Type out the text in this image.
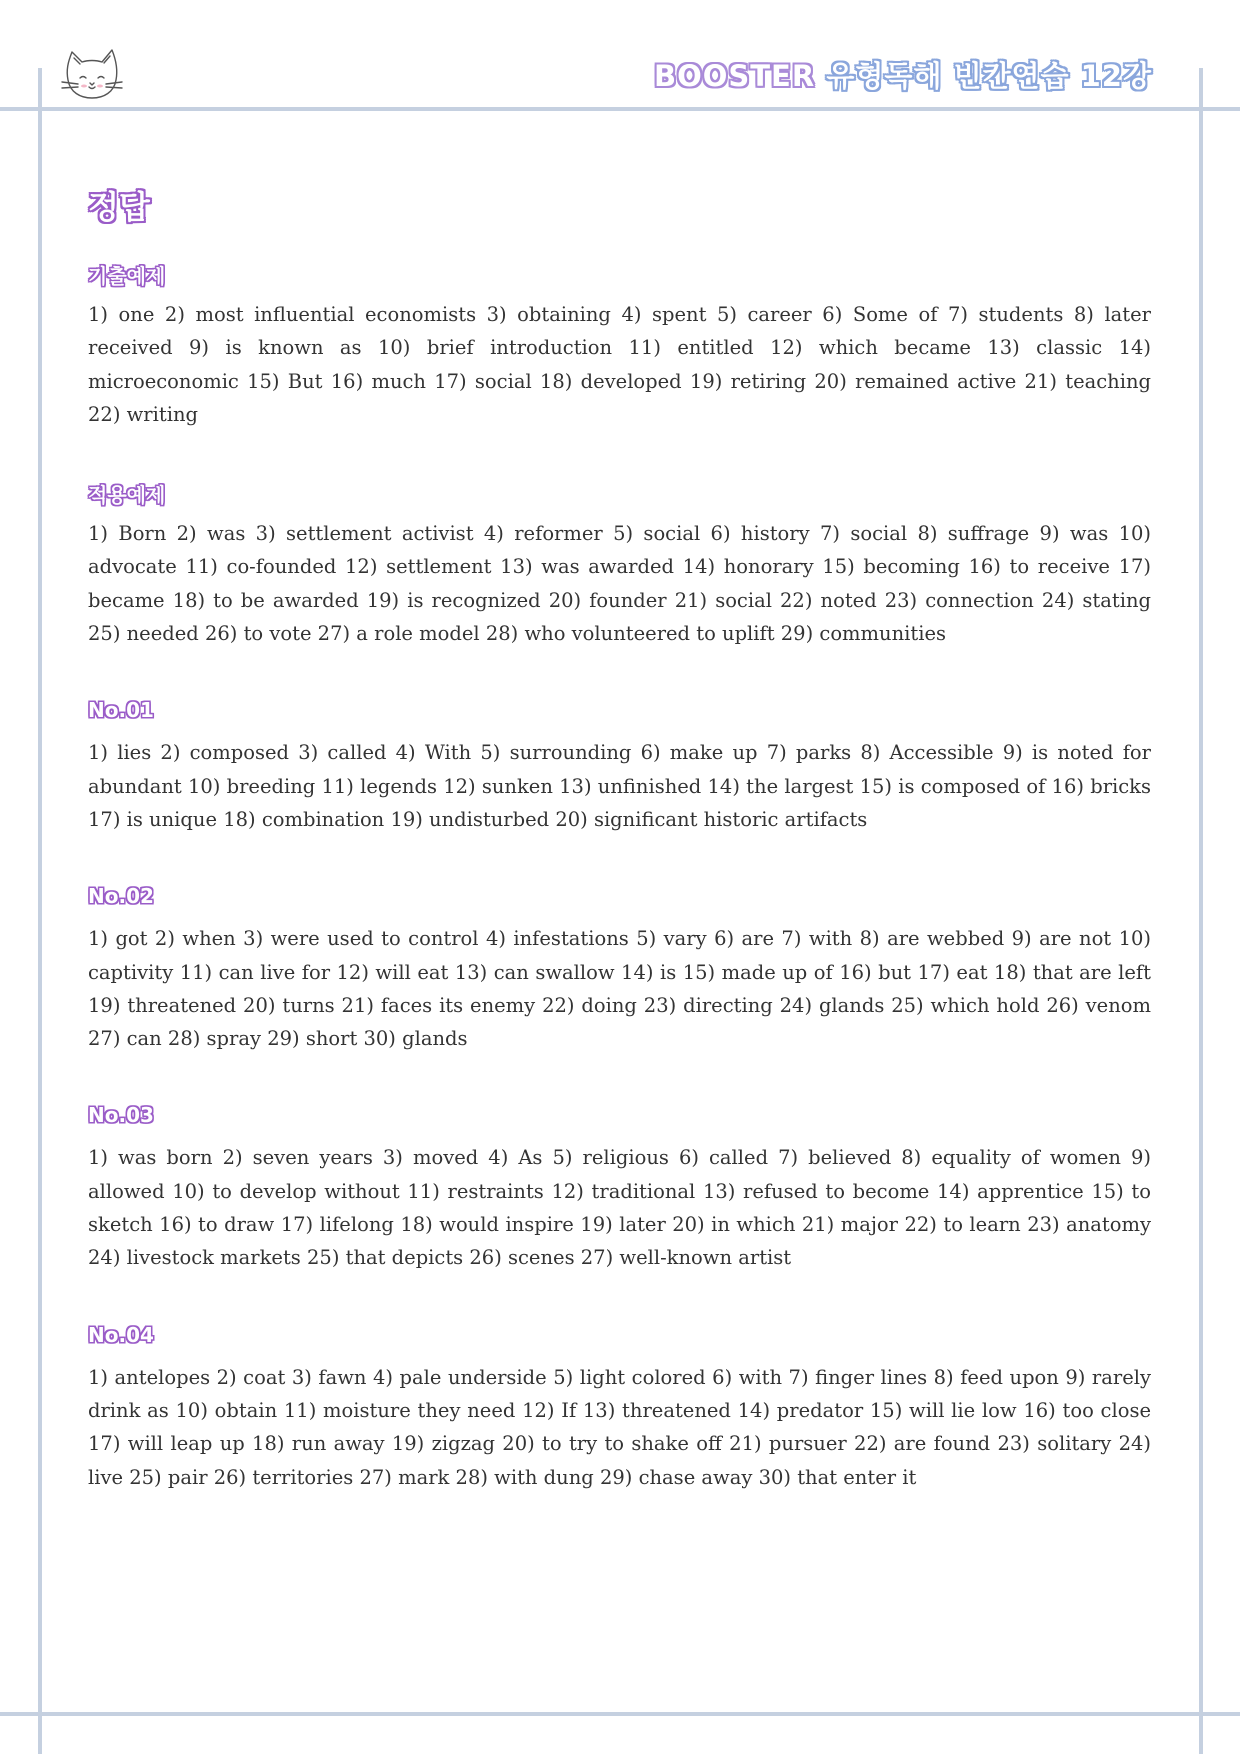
BOOSTER 유형독해 빈칸연습 12강
정답
기출예제

1) one 2) most influential economists 3) obtaining 4) spent 5) career 6) Some of 7) students 8) later received 9) is known as 10) brief introduction 11) entitled 12) which became 13) classic 14) microeconomic 15) But 16) much 17) social 18) developed 19) retiring 20) remained active 21) teaching 22) writing

적용예제

1) Born 2) was 3) settlement activist 4) reformer 5) social 6) history 7) social 8) suffrage 9) was 10) advocate 11) co-founded 12) settlement 13) was awarded 14) honorary 15) becoming 16) to receive 17) became 18) to be awarded 19) is recognized 20) founder 21) social 22) noted 23) connection 24) stating 25) needed 26) to vote 27) a role model 28) who volunteered to uplift 29) communities

No.01

1) lies 2) composed 3) called 4) With 5) surrounding 6) make up 7) parks 8) Accessible 9) is noted for abundant 10) breeding 11) legends 12) sunken 13) unfinished 14) the largest 15) is composed of 16) bricks 17) is unique 18) combination 19) undisturbed 20) significant historic artifacts

No.02

1) got 2) when 3) were used to control 4) infestations 5) vary 6) are 7) with 8) are webbed 9) are not 10) captivity 11) can live for 12) will eat 13) can swallow 14) is 15) made up of 16) but 17) eat 18) that are left 19) threatened 20) turns 21) faces its enemy 22) doing 23) directing 24) glands 25) which hold 26) venom 27) can 28) spray 29) short 30) glands

No.03

1) was born 2) seven years 3) moved 4) As 5) religious 6) called 7) believed 8) equality of women 9) allowed 10) to develop without 11) restraints 12) traditional 13) refused to become 14) apprentice 15) to sketch 16) to draw 17) lifelong 18) would inspire 19) later 20) in which 21) major 22) to learn 23) anatomy 24) livestock markets 25) that depicts 26) scenes 27) well-known artist

No.04

1) antelopes 2) coat 3) fawn 4) pale underside 5) light colored 6) with 7) finger lines 8) feed upon 9) rarely drink as 10) obtain 11) moisture they need 12) If 13) threatened 14) predator 15) will lie low 16) too close 17) will leap up 18) run away 19) zigzag 20) to try to shake off 21) pursuer 22) are found 23) solitary 24) live 25) pair 26) territories 27) mark 28) with dung 29) chase away 30) that enter it
